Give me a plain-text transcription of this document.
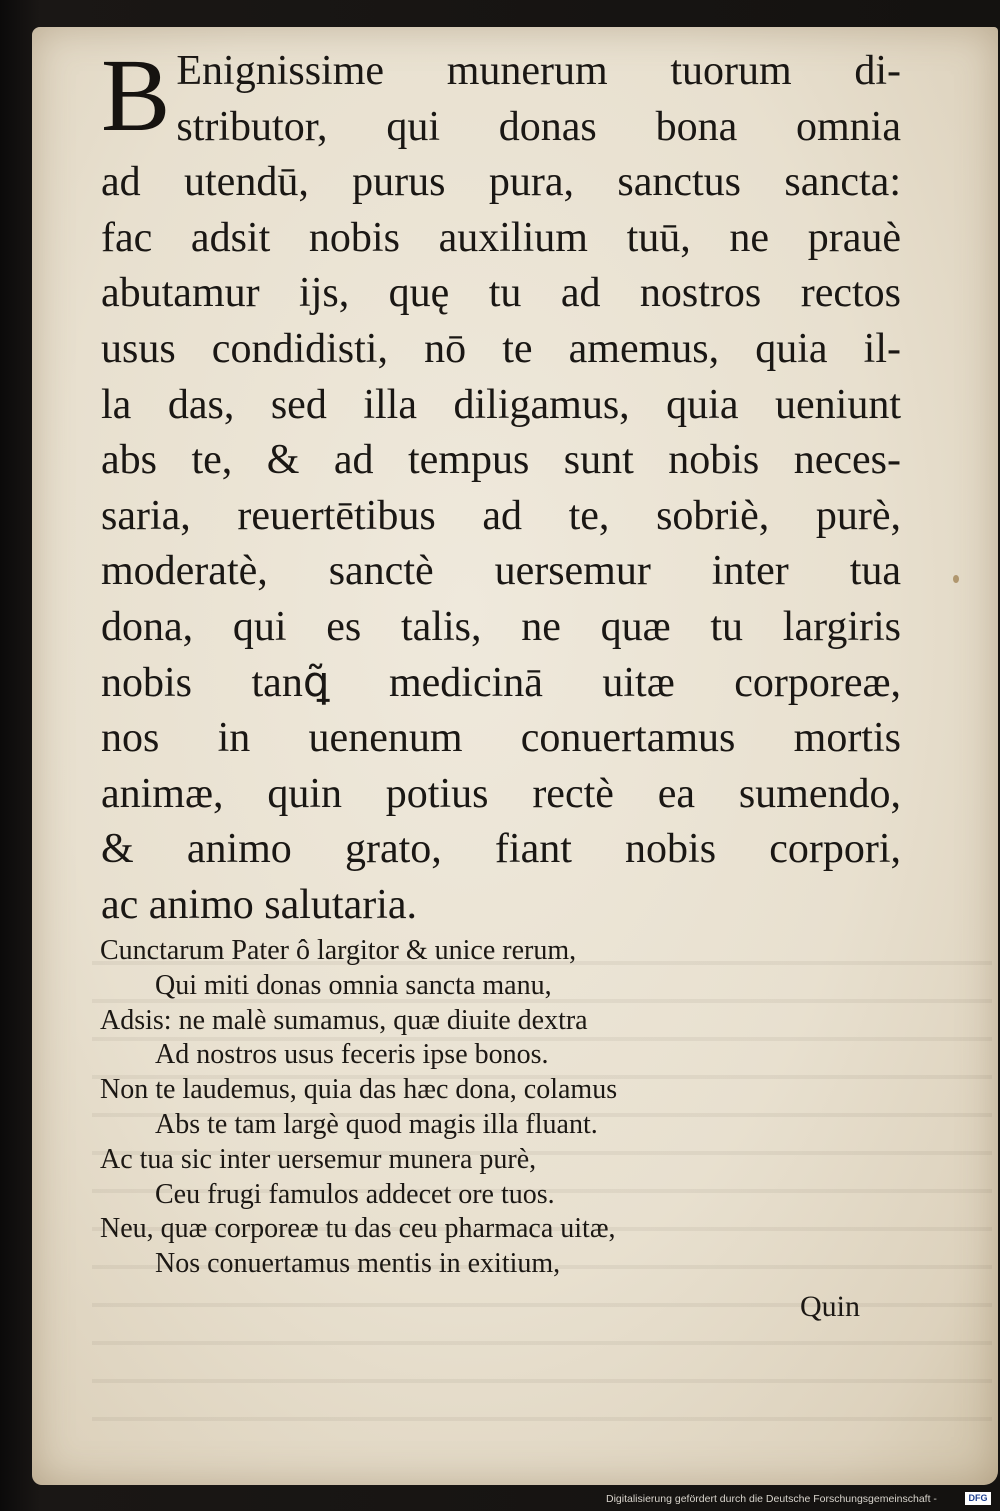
B Enignissime munerum tuorum di-
stributor, qui donas bona omnia
ad utendū, purus pura, sanctus sancta:
fac adsit nobis auxilium tuū, ne prauè
abutamur ijs, quę tu ad nostros rectos
usus condidisti, nō te amemus, quia il-
la das, sed illa diligamus, quia ueniunt
abs te, & ad tempus sunt nobis neces-
saria, reuertētibus ad te, sobriè, purè,
moderatè, sanctè uersemur inter tua
dona, qui es talis, ne quæ tu largiris
nobis tanꝗ̃ medicinā uitæ corporeæ,
nos in uenenum conuertamus mortis
animæ, quin potius rectè ea sumendo,
& animo grato, fiant nobis corpori,
ac animo salutaria.
Cunctarum Pater ô largitor & unice rerum,
Qui miti donas omnia sancta manu,
Adsis: ne malè sumamus, quæ diuite dextra
Ad nostros usus feceris ipse bonos.
Non te laudemus, quia das hæc dona, colamus
Abs te tam largè quod magis illa fluant.
Ac tua sic inter uersemur munera purè,
Ceu frugi famulos addecet ore tuos.
Neu, quæ corporeæ tu das ceu pharmaca uitæ,
Nos conuertamus mentis in exitium,
Quin
Digitalisierung gefördert durch die Deutsche Forschungsgemeinschaft -	DFG
